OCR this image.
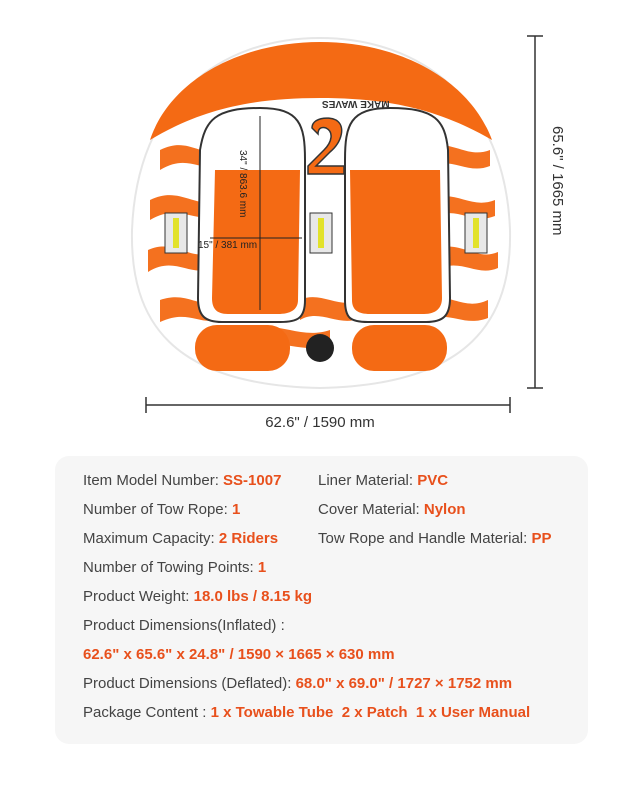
MAKE WAVES
34" / 863.6 mm
15" / 381 mm
65.6" / 1665 mm
62.6" / 1590 mm
Item Model Number: SS-1007 Liner Material: PVC
Number of Tow Rope: 1	Cover Material: Nylon
Maximum Capacity: 2 Riders	Tow Rope and Handle Material: PP
Number of Towing Points: 1
Product Weight: 18.0 lbs / 8.15 kg
Product Dimensions(Inflated) :
62.6" x 65.6" x 24.8" / 1590 × 1665 × 630 mm
Product Dimensions (Deflated): 68.0" x 69.0" / 1727 × 1752 mm
Package Content : 1 x Towable Tube  2 x Patch  1 x User Manual
